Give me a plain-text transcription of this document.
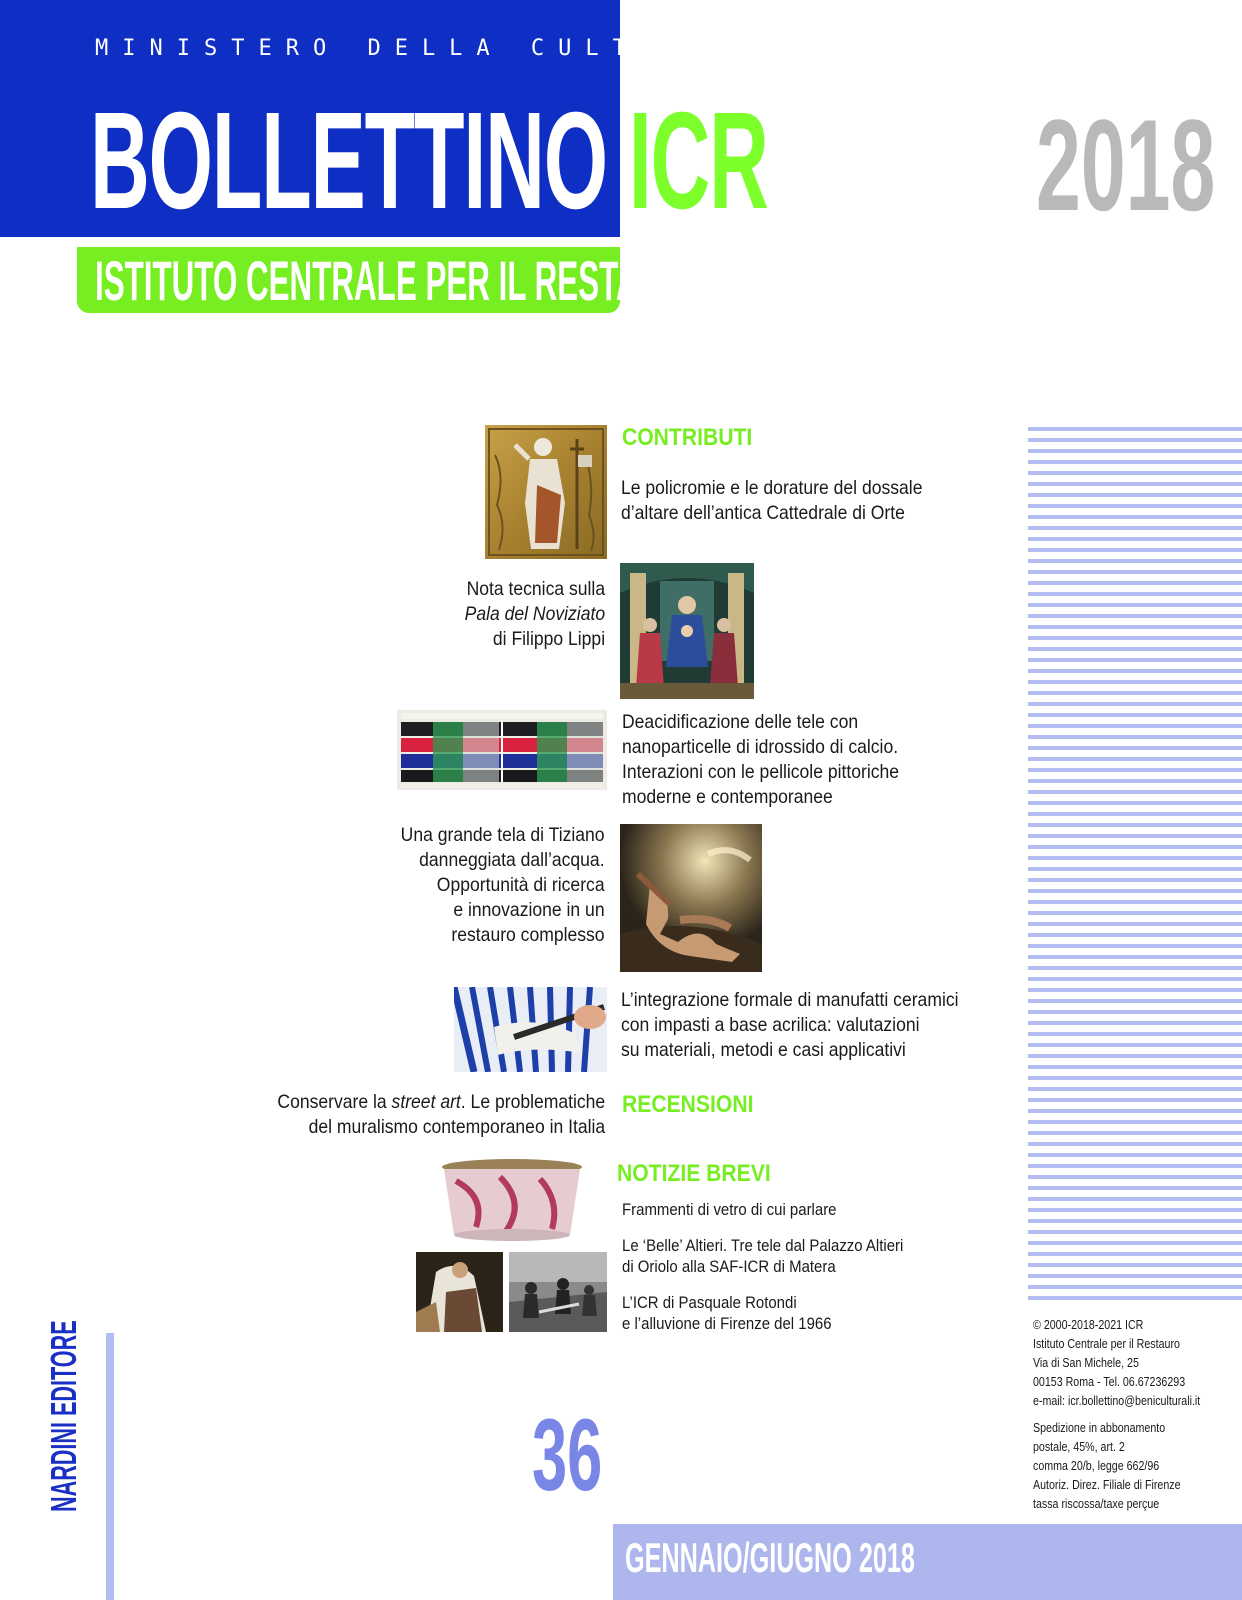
MINISTERO DELLA CULTURA
BOLLETTINO ICR
ISTITUTO CENTRALE PER IL RESTAURO
2018
CONTRIBUTI
Le policromie e le dorature del dossale
d’altare dell’antica Cattedrale di Orte
Nota tecnica sulla
Pala del Noviziato
di Filippo Lippi
Deacidificazione delle tele con
nanoparticelle di idrossido di calcio.
Interazioni con le pellicole pittoriche
moderne e contemporanee
Una grande tela di Tiziano
danneggiata dall’acqua.
Opportunità di ricerca
e innovazione in un
restauro complesso
L’integrazione formale di manufatti ceramici
con impasti a base acrilica: valutazioni
su materiali, metodi e casi applicativi
Conservare la street art. Le problematiche
del muralismo contemporaneo in Italia
RECENSIONI
NOTIZIE BREVI
Frammenti di vetro di cui parlare
Le ‘Belle’ Altieri. Tre tele dal Palazzo Altieri
di Oriolo alla SAF-ICR di Matera
L’ICR di Pasquale Rotondi
e l’alluvione di Firenze del 1966	© 2000-2018-2021 ICR
Istituto Centrale per il Restauro
Via di San Michele, 25
00153 Roma - Tel. 06.67236293
e-mail: icr.bollettino@beniculturali.it
Spedizione in abbonamento
postale, 45%, art. 2
comma 20/b, legge 662/96
Autoriz. Direz. Filiale di Firenze
tassa riscossa/taxe perçue
36
GENNAIO/GIUGNO 2018
NARDINI EDITORE
